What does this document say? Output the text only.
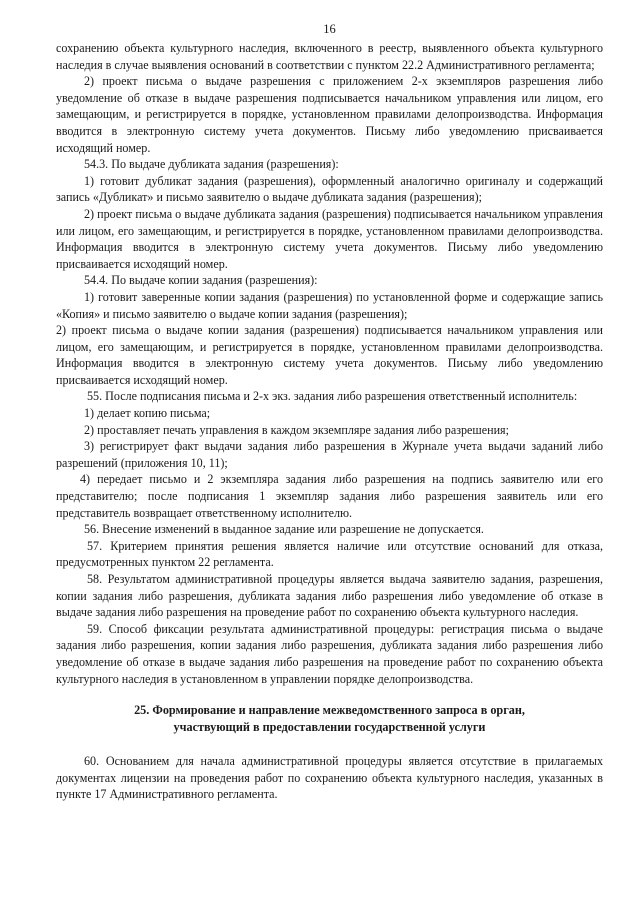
16

сохранению объекта культурного наследия, включенного в реестр, выявленного объекта культурного наследия в случае выявления оснований в соответствии с пунктом 22.2 Административного регламента;

2) проект письма о выдаче разрешения с приложением 2-х экземпляров разрешения либо уведомление об отказе в выдаче разрешения подписывается начальником управления или лицом, его замещающим, и регистрируется в порядке, установленном правилами делопроизводства. Информация вводится в электронную систему учета документов. Письму либо уведомлению присваивается исходящий номер.

54.3. По выдаче дубликата задания (разрешения):

1) готовит дубликат задания (разрешения), оформленный аналогично оригиналу и содержащий запись «Дубликат» и письмо заявителю о выдаче дубликата задания (разрешения);

2) проект письма о выдаче дубликата задания (разрешения) подписывается начальником управления или лицом, его замещающим, и регистрируется в порядке, установленном правилами делопроизводства. Информация вводится в электронную систему учета документов. Письму либо уведомлению присваивается исходящий номер.

54.4. По выдаче копии задания (разрешения):

1) готовит заверенные копии задания (разрешения) по установленной форме и содержащие запись «Копия» и письмо заявителю о выдаче копии задания (разрешения);

2) проект письма о выдаче копии задания (разрешения) подписывается начальником управления или лицом, его замещающим, и регистрируется в порядке, установленном правилами делопроизводства. Информация вводится в электронную систему учета документов. Письму либо уведомлению присваивается исходящий номер.

55. После подписания письма и 2-х экз. задания либо разрешения ответственный исполнитель:

1) делает копию письма;

2) проставляет печать управления в каждом экземпляре задания либо разрешения;

3) регистрирует факт выдачи задания либо разрешения в Журнале учета выдачи заданий либо разрешений (приложения 10, 11);

4) передает письмо и 2 экземпляра задания либо разрешения на подпись заявителю или его представителю; после подписания 1 экземпляр задания либо разрешения заявитель или его представитель возвращает ответственному исполнителю.

56. Внесение изменений в выданное задание или разрешение не допускается.

57. Критерием принятия решения является наличие или отсутствие оснований для отказа, предусмотренных пунктом 22 регламента.

58. Результатом административной процедуры является выдача заявителю задания, разрешения, копии задания либо разрешения, дубликата задания либо разрешения либо уведомление об отказе в выдаче задания либо разрешения на проведение работ по сохранению объекта культурного наследия.

59. Способ фиксации результата административной процедуры: регистрация письма о выдаче задания либо разрешения, копии задания либо разрешения, дубликата задания либо разрешения либо уведомление об отказе в выдаче задания либо разрешения на проведение работ по сохранению объекта культурного наследия в установленном в управлении порядке делопроизводства.

25. Формирование и направление межведомственного запроса в орган,
участвующий в предоставлении государственной услуги

60. Основанием для начала административной процедуры является отсутствие в прилагаемых документах лицензии на проведения работ по сохранению объекта культурного наследия, указанных в пункте 17 Административного регламента.
